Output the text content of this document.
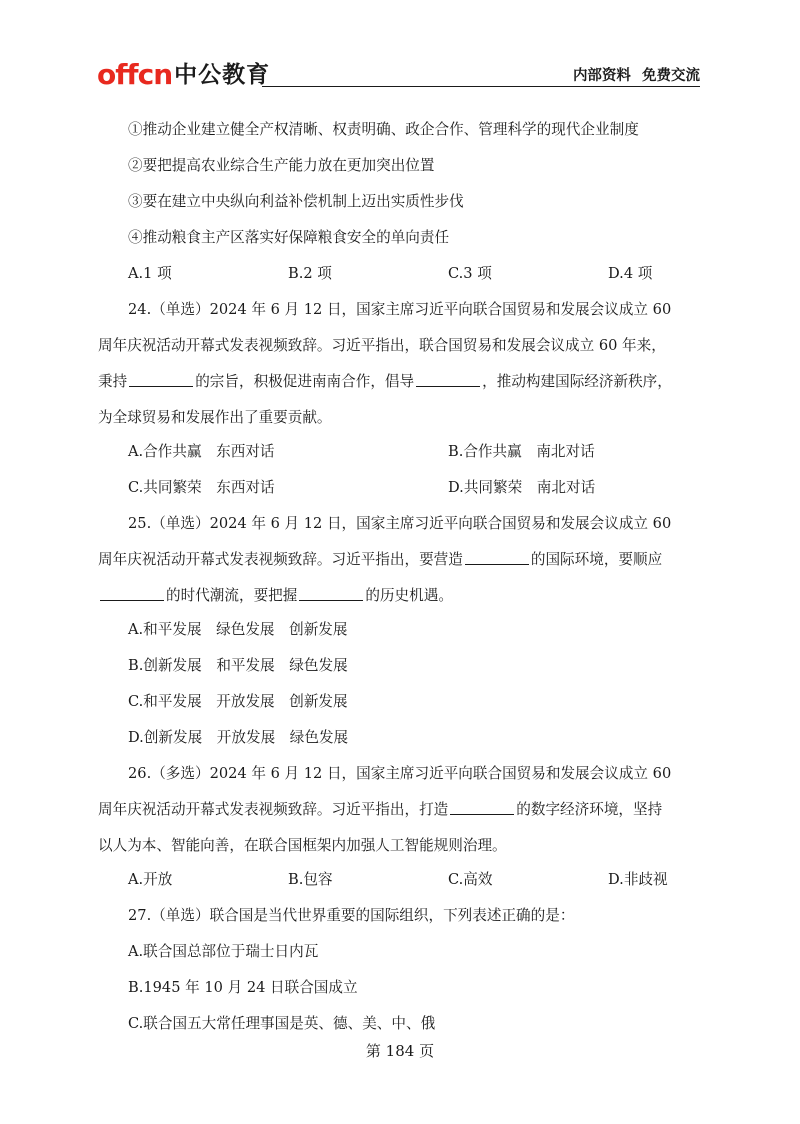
offcn 中公教育	内部资料 免费交流
①推动企业建立健全产权清晰、权责明确、政企合作、管理科学的现代企业制度
②要把提高农业综合生产能力放在更加突出位置
③要在建立中央纵向利益补偿机制上迈出实质性步伐
④推动粮食主产区落实好保障粮食安全的单向责任
A.1 项	B.2 项	C.3 项	D.4 项
24.（单选）2024 年 6 月 12 日，国家主席习近平向联合国贸易和发展会议成立 60
周年庆祝活动开幕式发表视频致辞。习近平指出，联合国贸易和发展会议成立 60 年来，
秉持	的宗旨，积极促进南南合作，倡导	，推动构建国际经济新秩序，
为全球贸易和发展作出了重要贡献。
A.合作共赢　东西对话	B.合作共赢　南北对话
C.共同繁荣　东西对话	D.共同繁荣　南北对话
25.（单选）2024 年 6 月 12 日，国家主席习近平向联合国贸易和发展会议成立 60
周年庆祝活动开幕式发表视频致辞。习近平指出，要营造	的国际环境，要顺应
的时代潮流，要把握	的历史机遇。
A.和平发展　绿色发展　创新发展
B.创新发展　和平发展　绿色发展
C.和平发展　开放发展　创新发展
D.创新发展　开放发展　绿色发展
26.（多选）2024 年 6 月 12 日，国家主席习近平向联合国贸易和发展会议成立 60
周年庆祝活动开幕式发表视频致辞。习近平指出，打造	的数字经济环境，坚持
以人为本、智能向善，在联合国框架内加强人工智能规则治理。
A.开放	B.包容	C.高效	D.非歧视
27.（单选）联合国是当代世界重要的国际组织，下列表述正确的是：
A.联合国总部位于瑞士日内瓦
B.1945 年 10 月 24 日联合国成立
C.联合国五大常任理事国是英、德、美、中、俄
第 184 页
